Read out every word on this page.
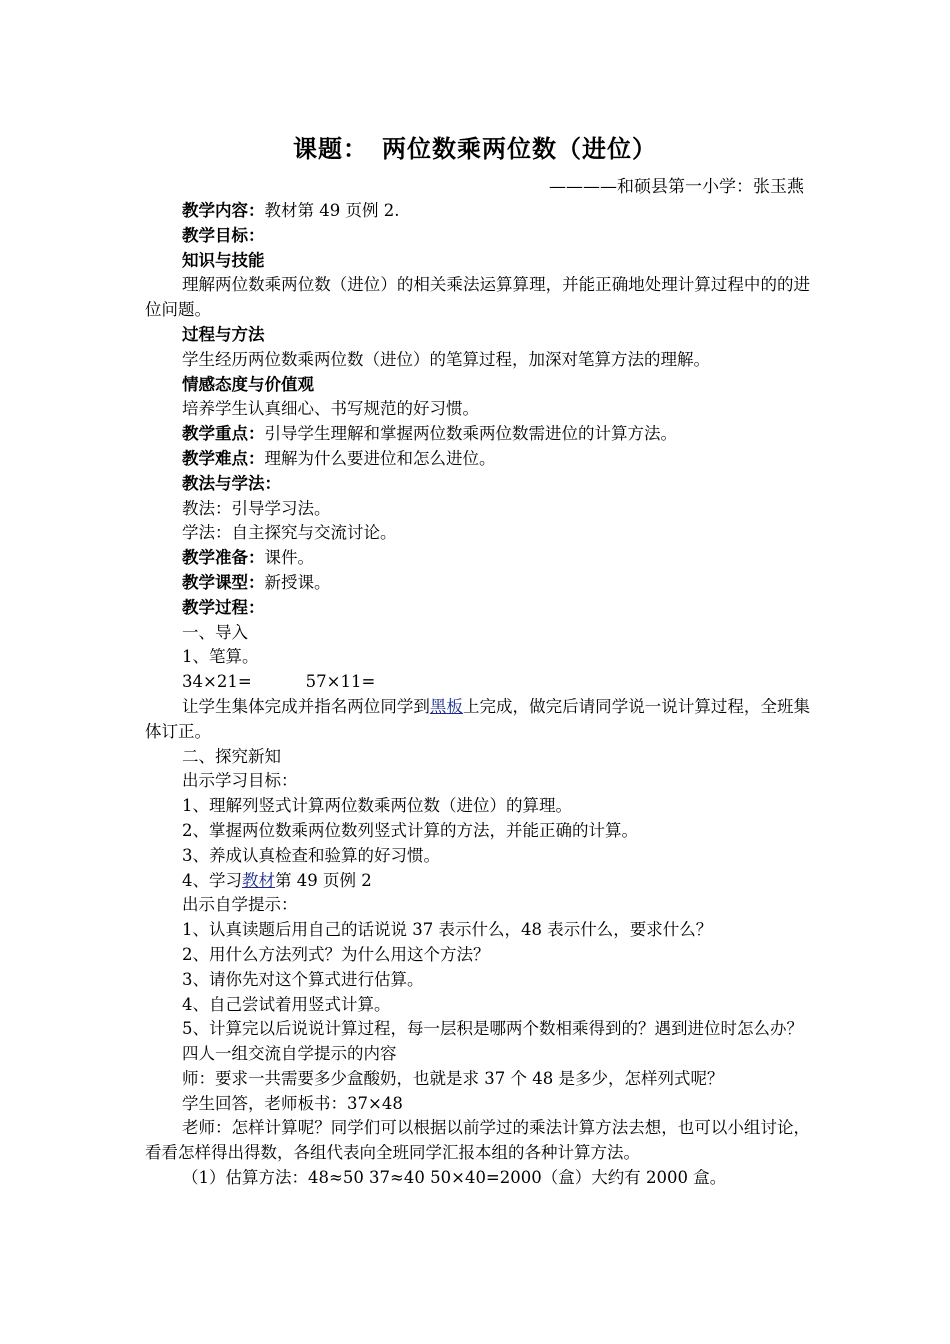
课题： 两位数乘两位数（进位）
————和硕县第一小学：张玉燕

教学内容：教材第 49 页例 2.

教学目标：

知识与技能

理解两位数乘两位数（进位）的相关乘法运算算理，并能正确地处理计算过程中的的进位问题。

过程与方法

学生经历两位数乘两位数（进位）的笔算过程，加深对笔算方法的理解。

情感态度与价值观

培养学生认真细心、书写规范的好习惯。

教学重点：引导学生理解和掌握两位数乘两位数需进位的计算方法。

教学难点：理解为什么要进位和怎么进位。

教法与学法：

教法：引导学习法。

学法：自主探究与交流讨论。

教学准备：课件。

教学课型：新授课。

教学过程：

一、导入

1、笔算。

34×21=	57×11=

让学生集体完成并指名两位同学到黑板上完成，做完后请同学说一说计算过程，全班集体订正。

二、探究新知

出示学习目标：

1、理解列竖式计算两位数乘两位数（进位）的算理。

2、掌握两位数乘两位数列竖式计算的方法，并能正确的计算。

3、养成认真检查和验算的好习惯。

4、学习教材第 49 页例 2

出示自学提示：

1、认真读题后用自己的话说说 37 表示什么，48 表示什么，要求什么？

2、用什么方法列式？为什么用这个方法？

3、请你先对这个算式进行估算。

4、自己尝试着用竖式计算。

5、计算完以后说说计算过程，每一层积是哪两个数相乘得到的？遇到进位时怎么办？

四人一组交流自学提示的内容

师：要求一共需要多少盒酸奶，也就是求 37 个 48 是多少，怎样列式呢？

学生回答，老师板书：37×48

老师：怎样计算呢？同学们可以根据以前学过的乘法计算方法去想，也可以小组讨论，看看怎样得出得数，各组代表向全班同学汇报本组的各种计算方法。

（1）估算方法：48≈50 37≈40 50×40=2000（盒）大约有 2000 盒。
